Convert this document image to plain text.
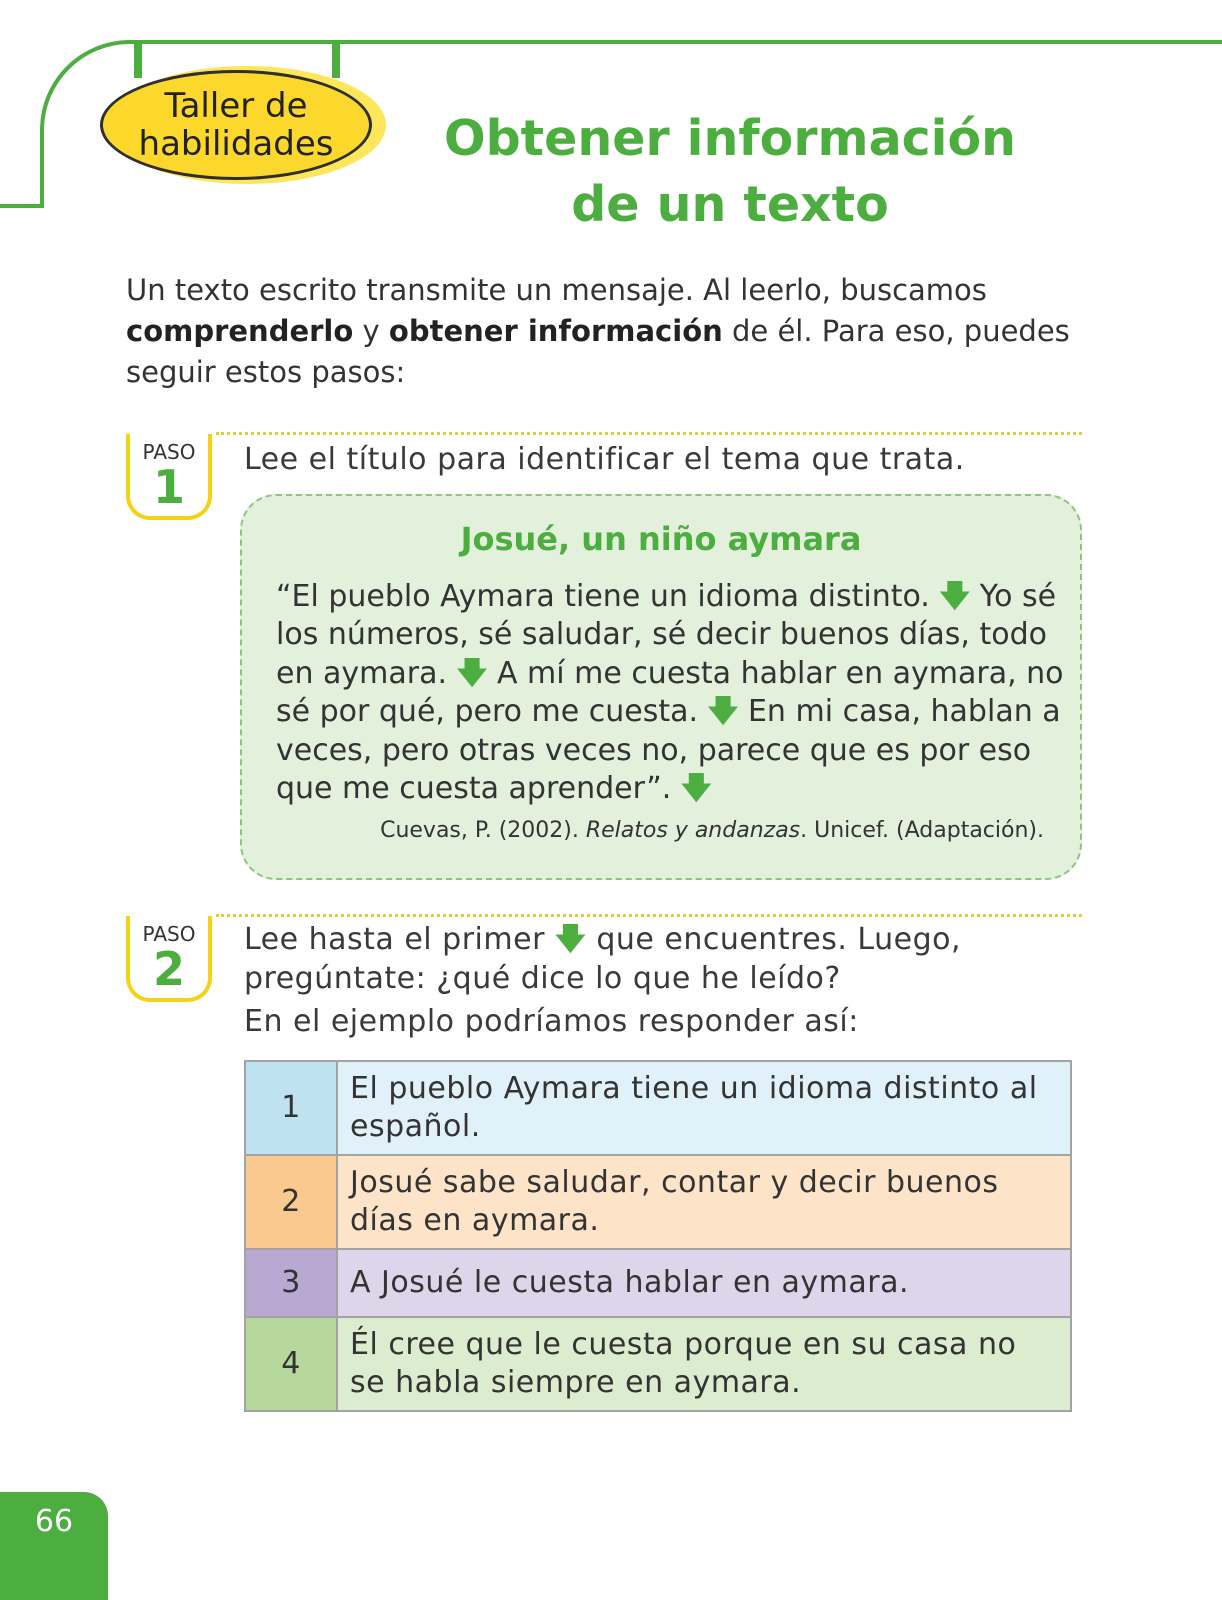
Taller de
habilidades Obtener información
de un texto
Un texto escrito transmite un mensaje. Al leerlo, buscamos comprenderlo y obtener información de él. Para eso, puedes seguir estos pasos:
PASO
1
Lee el título para identificar el tema que trata.
Josué, un niño aymara
“El pueblo Aymara tiene un idioma distinto. 🡇 Yo sé los números, sé saludar, sé decir buenos días, todo en aymara. 🡇 A mí me cuesta hablar en aymara, no sé por qué, pero me cuesta. 🡇 En mi casa, hablan a veces, pero otras veces no, parece que es por eso que me cuesta aprender”. 🡇
Cuevas, P. (2002). Relatos y andanzas. Unicef. (Adaptación).
PASO
2
Lee hasta el primer 🡇 que encuentres. Luego, pregúntate: ¿qué dice lo que he leído?
En el ejemplo podríamos responder así:
1	El pueblo Aymara tiene un idioma distinto al español.
2	Josué sabe saludar, contar y decir buenos días en aymara.
3	A Josué le cuesta hablar en aymara.
4	Él cree que le cuesta porque en su casa no se habla siempre en aymara.
66
